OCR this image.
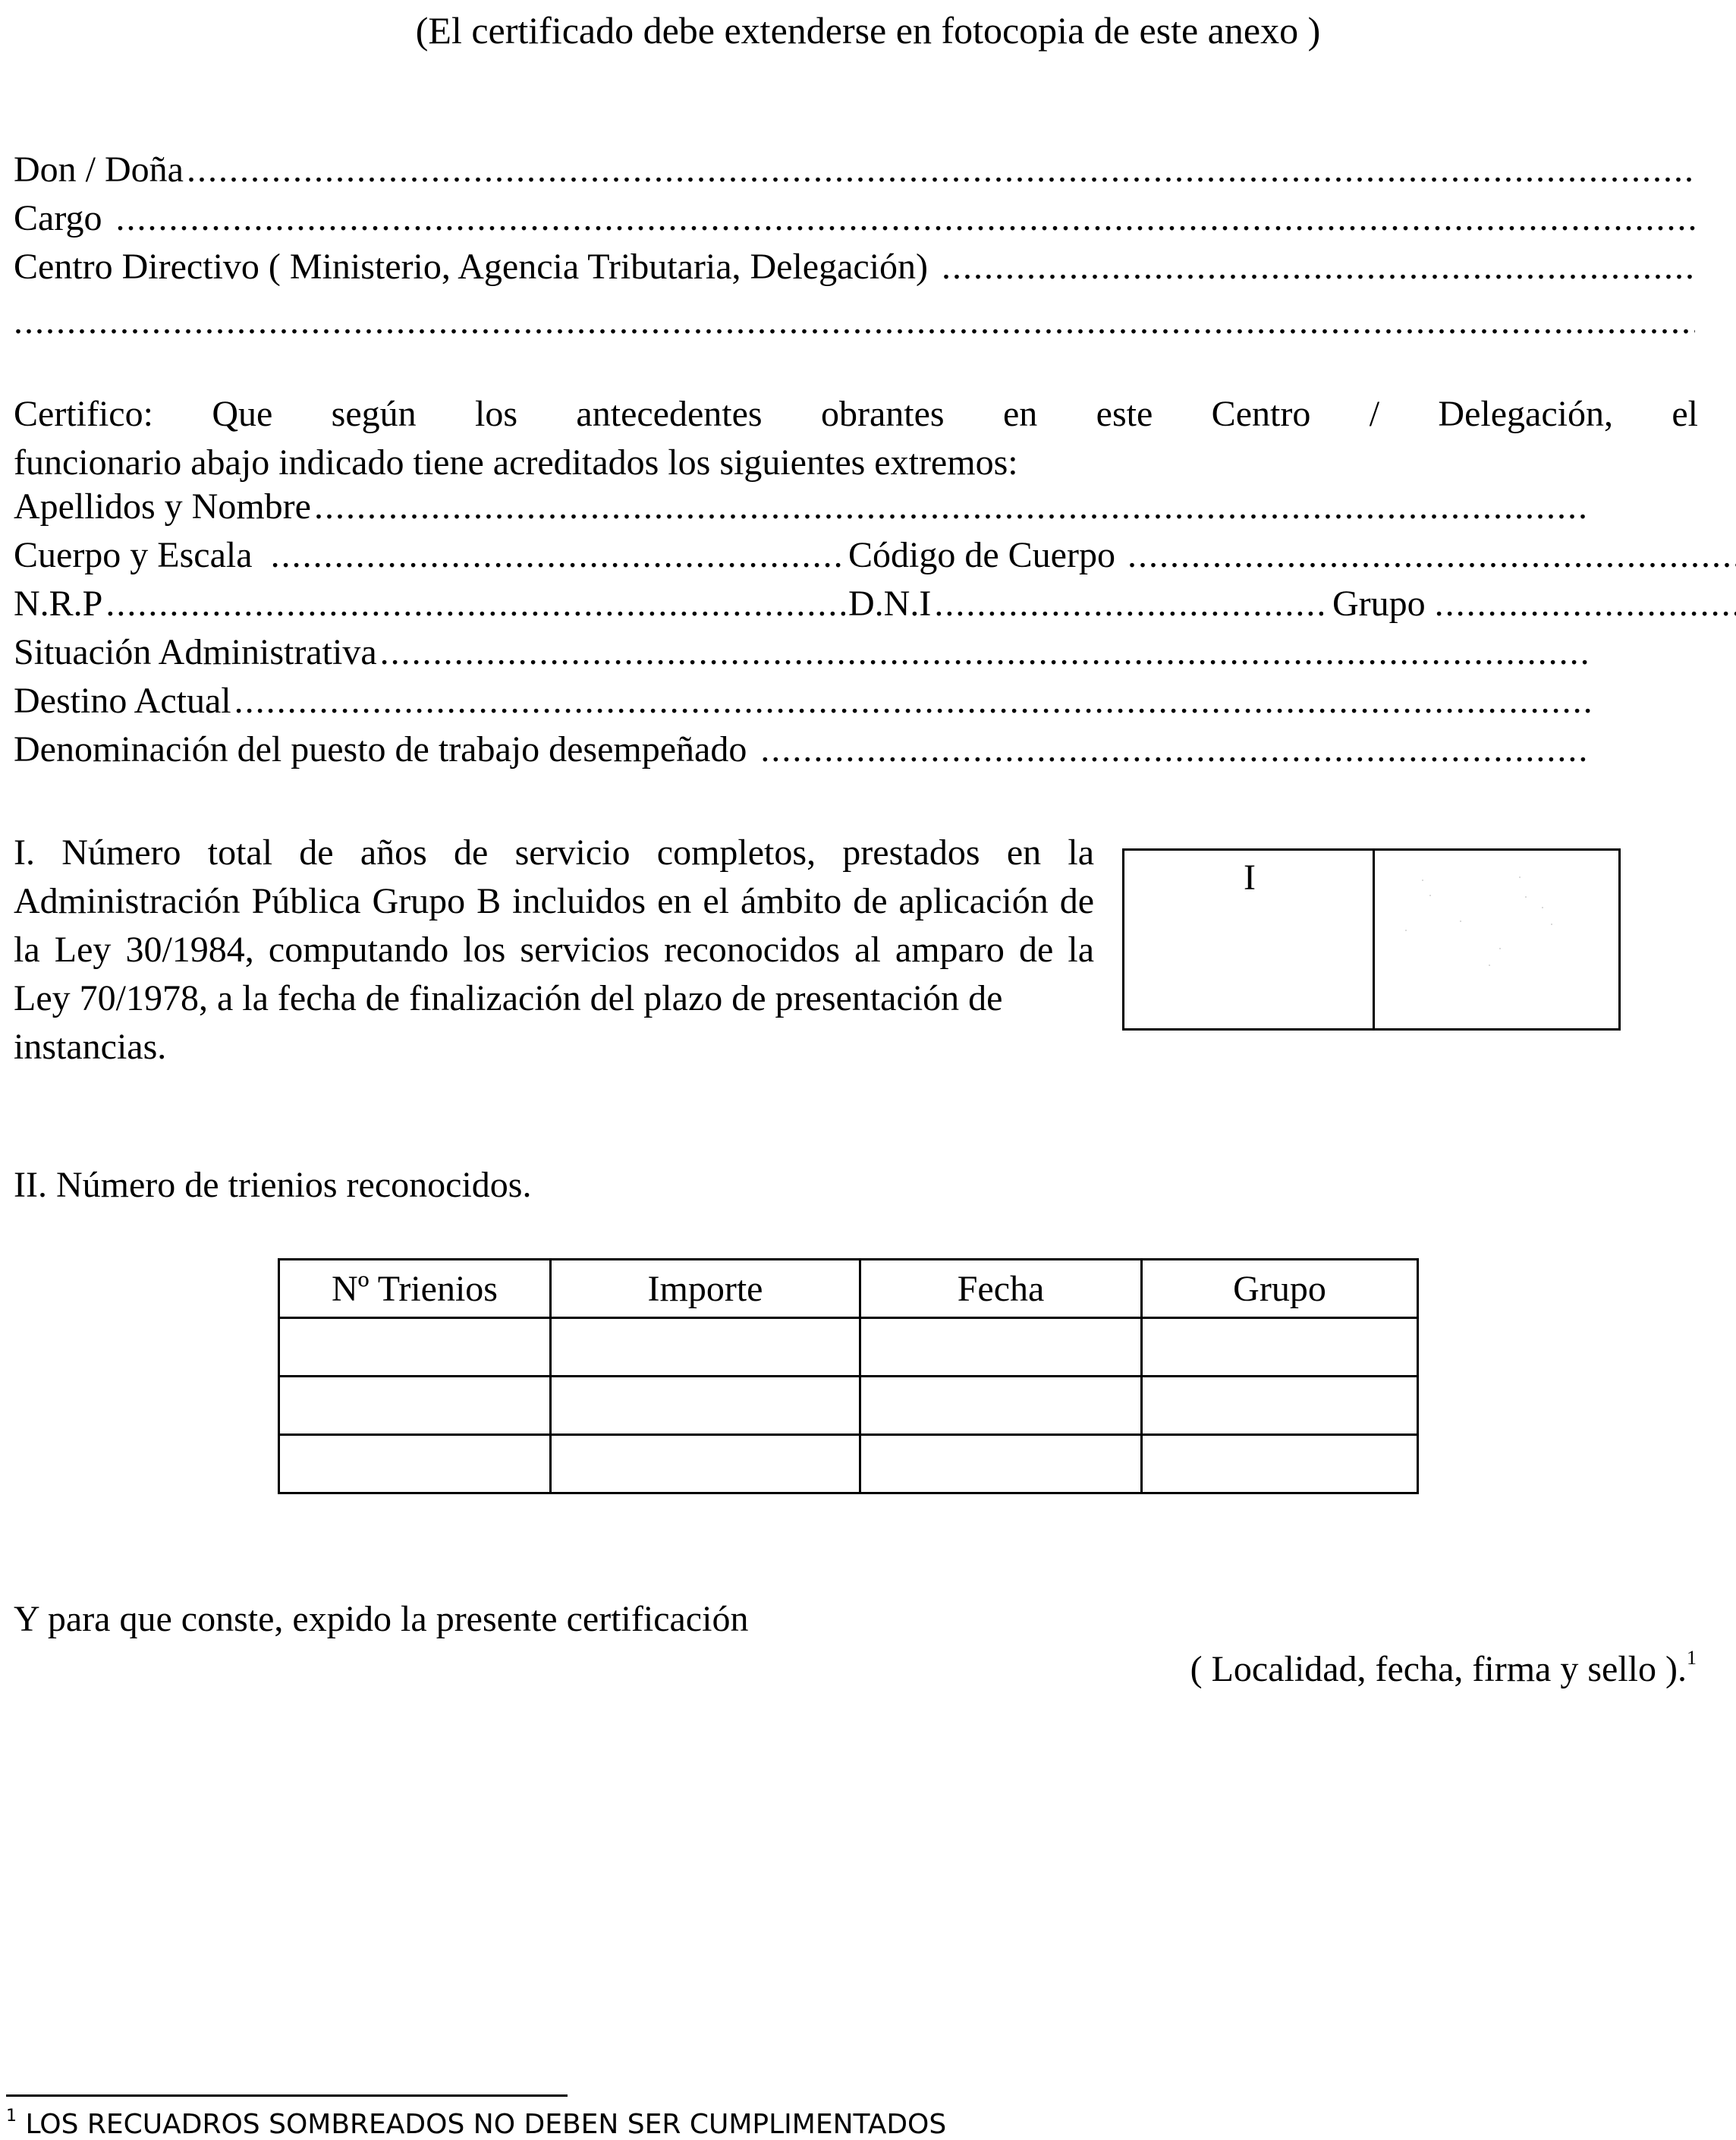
(El certificado debe extenderse en fotocopia de este anexo )
Don / Doña
.....
Cargo
.....
Centro Directivo ( Ministerio, Agencia Tributaria, Delegación)
.....
.....
Certifico: Que según los antecedentes obrantes en este Centro / Delegación, el
funcionario abajo indicado tiene acreditados los siguientes extremos:
Apellidos y Nombre
.....
Cuerpo y Escala .....	Código de Cuerpo
.....
N.R.P .....	D.N.I .....	Grupo
.....
Situación Administrativa
.....
Destino Actual
.....
Denominación del puesto de trabajo desempeñado
.....
I. Número total de años de servicio completos, prestados en la Administración Pública Grupo B incluidos en el ámbito de aplicación de la Ley 30/1984, computando los servicios reconocidos al amparo de la Ley 70/1978, a la fecha de finalización del plazo de presentación de
instancias.
I
II. Número de trienios reconocidos.
Nº Trienios	Importe	Fecha	Grupo

Y para que conste, expido la presente certificación
( Localidad, fecha, firma y sello ).$^1$
$^1$ LOS RECUADROS SOMBREADOS NO DEBEN SER CUMPLIMENTADOS
